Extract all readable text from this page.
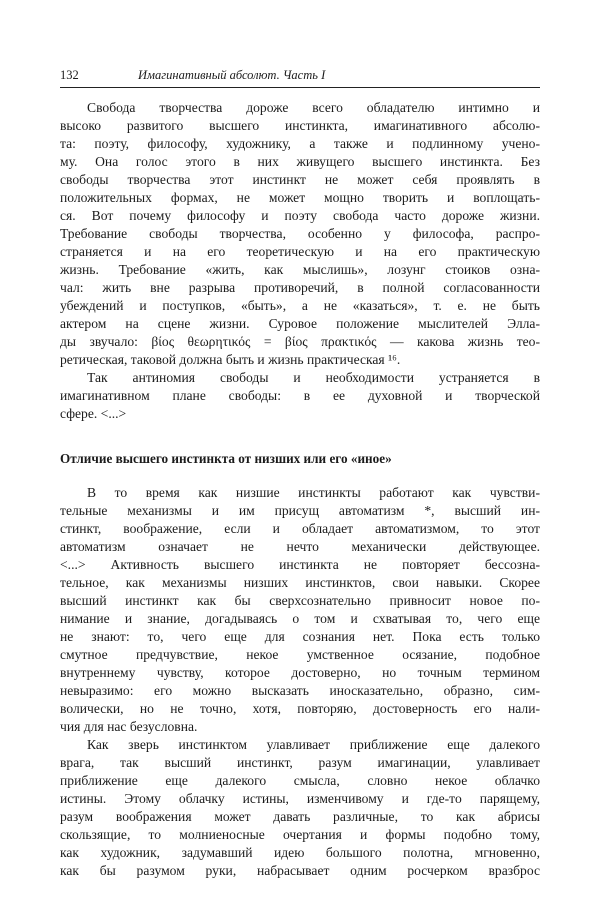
132	Имагинативный абсолют. Часть I
Свобода творчества дороже всего обладателю интимно и
высоко развитого высшего инстинкта, имагинативного абсолю-
та: поэту, философу, художнику, а также и подлинному учено-
му. Она голос этого в них живущего высшего инстинкта. Без
свободы творчества этот инстинкт не может себя проявлять в
положительных формах, не может мощно творить и воплощать-
ся. Вот почему философу и поэту свобода часто дороже жизни.
Требование свободы творчества, особенно у философа, распро-
страняется и на его теоретическую и на его практическую
жизнь. Требование «жить, как мыслишь», лозунг стоиков озна-
чал: жить вне разрыва противоречий, в полной согласованности
убеждений и поступков, «быть», а не «казаться», т. е. не быть
актером на сцене жизни. Суровое положение мыслителей Элла-
ды звучало: βίος θεωρητικός = βίος πρακτικός — какова жизнь тео-
ретическая, таковой должна быть и жизнь практическая ¹⁶.
Так антиномия свободы и необходимости устраняется в
имагинативном плане свободы: в ее духовной и творческой
сфере. <...>
Отличие высшего инстинкта от низших или его «иное»
В то время как низшие инстинкты работают как чувстви-
тельные механизмы и им присущ автоматизм *, высший ин-
стинкт, воображение, если и обладает автоматизмом, то этот
автоматизм означает не нечто механически действующее.
<...> Активность высшего инстинкта не повторяет бессозна-
тельное, как механизмы низших инстинктов, свои навыки. Скорее
высший инстинкт как бы сверхсознательно привносит новое по-
нимание и знание, догадываясь о том и схватывая то, чего еще
не знают: то, чего еще для сознания нет. Пока есть только
смутное предчувствие, некое умственное осязание, подобное
внутреннему чувству, которое достоверно, но точным термином
невыразимо: его можно высказать иносказательно, образно, сим-
волически, но не точно, хотя, повторяю, достоверность его нали-
чия для нас безусловна.
Как зверь инстинктом улавливает приближение еще далекого
врага, так высший инстинкт, разум имагинации, улавливает
приближение еще далекого смысла, словно некое облачко
истины. Этому облачку истины, изменчивому и где-то парящему,
разум воображения может давать различные, то как абрисы
скользящие, то молниеносные очертания и формы подобно тому,
как художник, задумавший идею большого полотна, мгновенно,
как бы разумом руки, набрасывает одним росчерком вразброс
